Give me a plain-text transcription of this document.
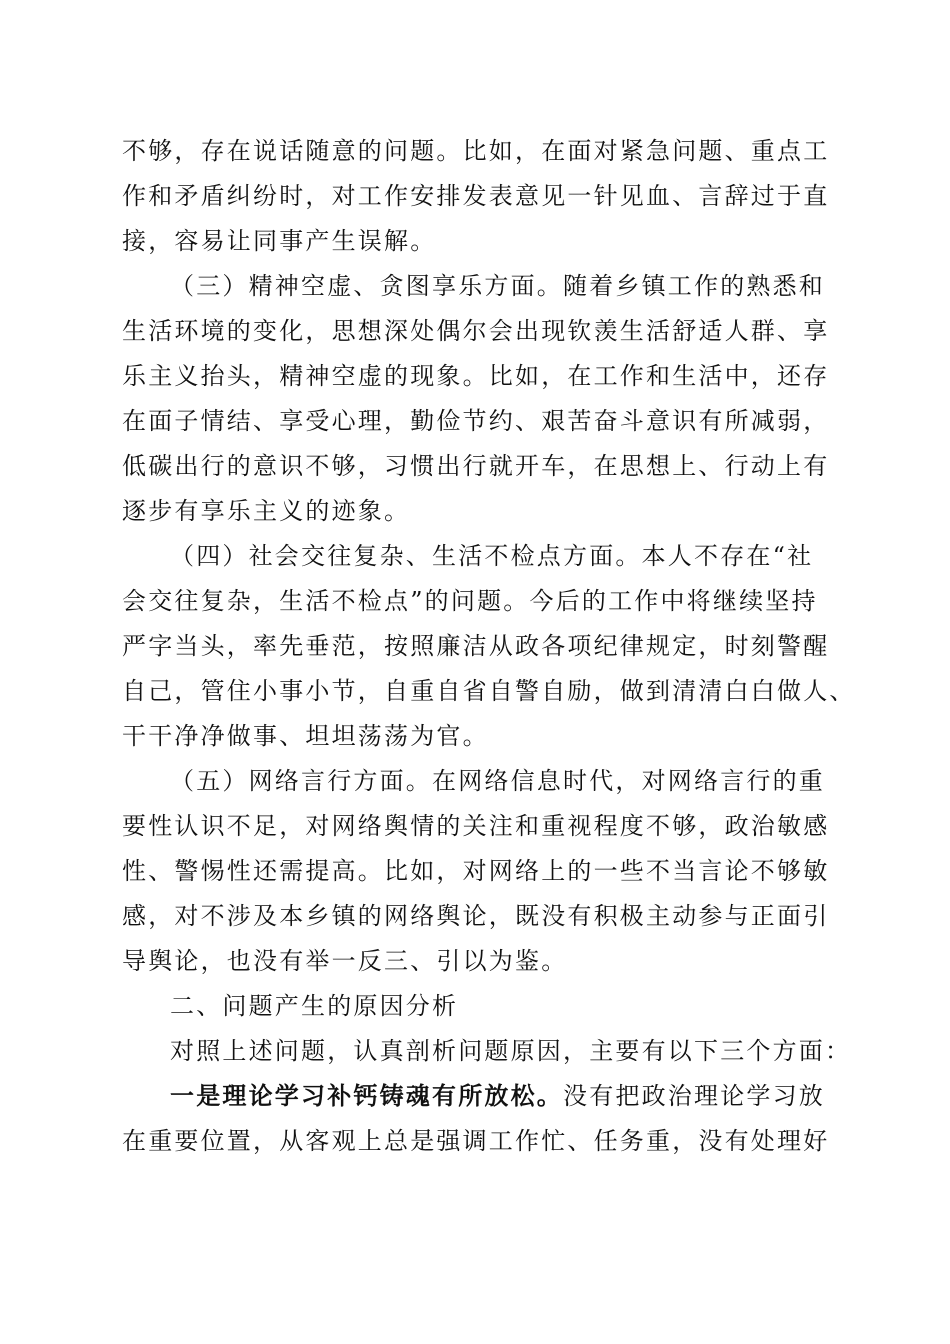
不够，存在说话随意的问题。比如，在面对紧急问题、重点工
作和矛盾纠纷时，对工作安排发表意见一针见血、言辞过于直
接，容易让同事产生误解。
（三）精神空虚、贪图享乐方面。随着乡镇工作的熟悉和
生活环境的变化，思想深处偶尔会出现钦羡生活舒适人群、享
乐主义抬头，精神空虚的现象。比如，在工作和生活中，还存
在面子情结、享受心理，勤俭节约、艰苦奋斗意识有所减弱，
低碳出行的意识不够，习惯出行就开车，在思想上、行动上有
逐步有享乐主义的迹象。
（四）社会交往复杂、生活不检点方面。本人不存在“社
会交往复杂，生活不检点”的问题。今后的工作中将继续坚持
严字当头，率先垂范，按照廉洁从政各项纪律规定，时刻警醒
自己，管住小事小节，自重自省自警自励，做到清清白白做人、
干干净净做事、坦坦荡荡为官。
（五）网络言行方面。在网络信息时代，对网络言行的重
要性认识不足，对网络舆情的关注和重视程度不够，政治敏感
性、警惕性还需提高。比如，对网络上的一些不当言论不够敏
感，对不涉及本乡镇的网络舆论，既没有积极主动参与正面引
导舆论，也没有举一反三、引以为鉴。
二、问题产生的原因分析
对照上述问题，认真剖析问题原因，主要有以下三个方面：
一是理论学习补钙铸魂有所放松。没有把政治理论学习放
在重要位置，从客观上总是强调工作忙、任务重，没有处理好
